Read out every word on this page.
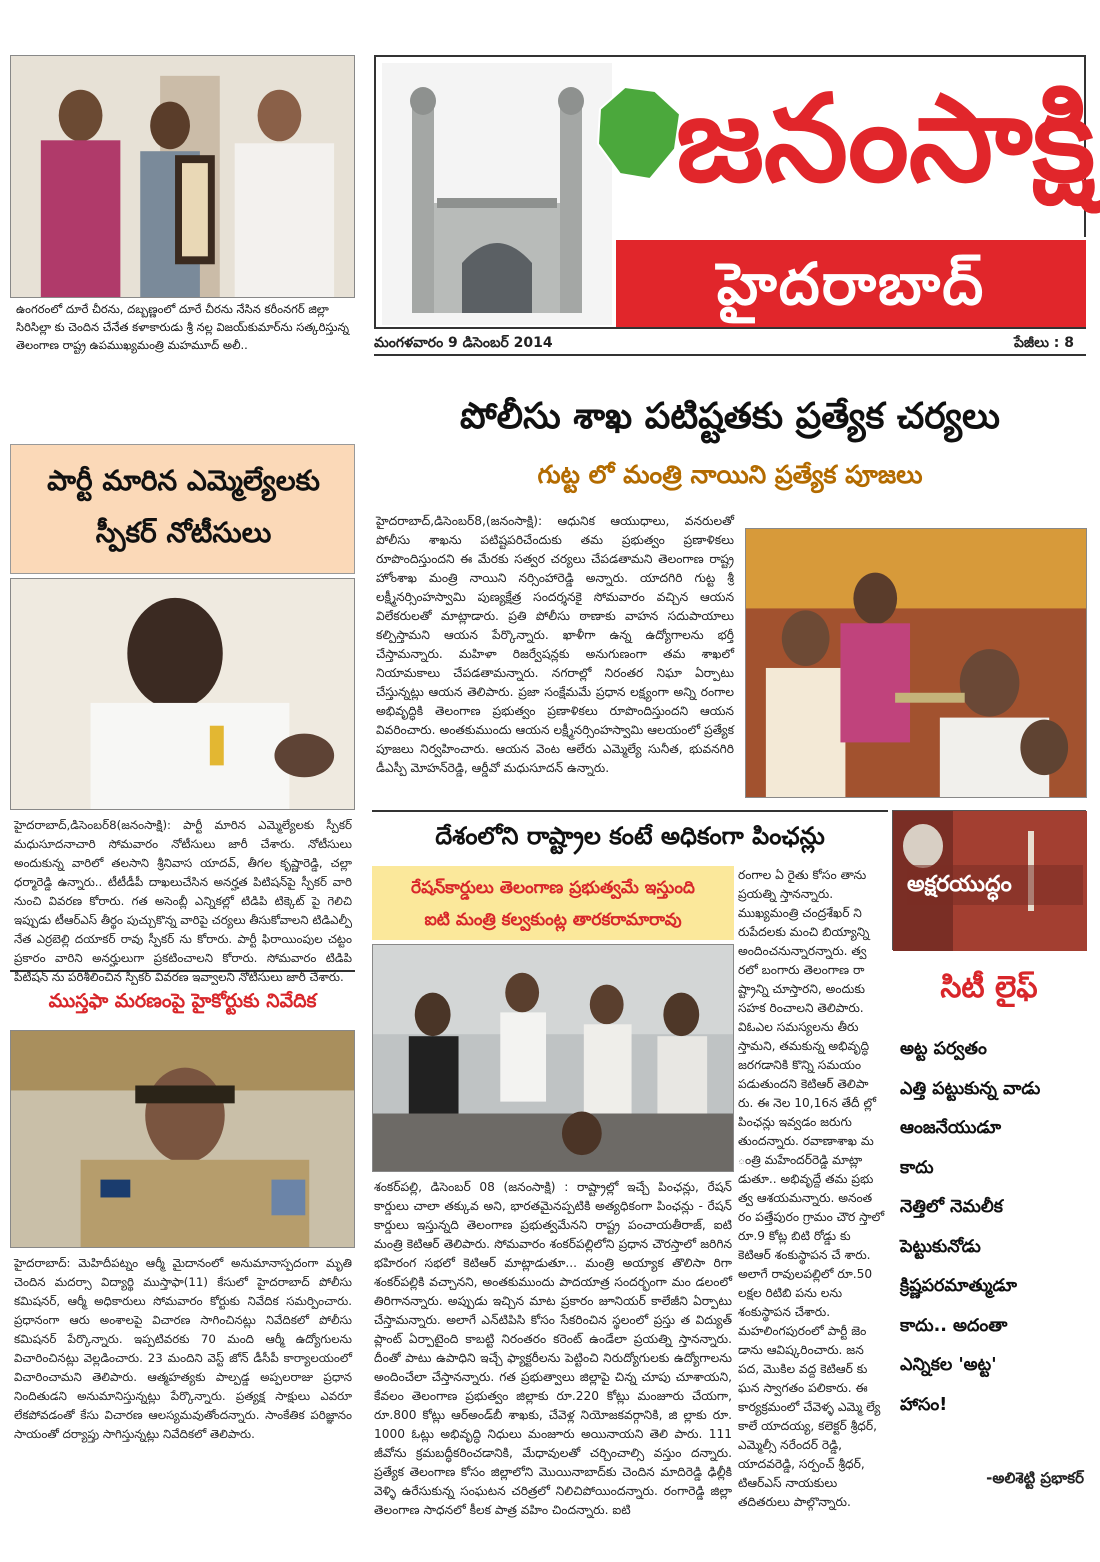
ఉంగరంలో దూరే చీరను, దబ్బణ్ణంలో దూరే చీరను నేసిన కరీంనగర్ జిల్లా సిరిసిల్లా కు చెందిన చేనేత కళాకారుడు శ్రీ నల్ల విజయ్‌కుమార్‌ను సత్కరిస్తున్న తెలంగాణ రాష్ట్ర ఉపముఖ్యమంత్రి మహమూద్ అలీ..
పార్టీ మారిన ఎమ్మెల్యేలకు స్పీకర్ నోటీసులు
హైదరాబాద్,డిసెంబర్8(జనంసాక్షి): పార్టీ మారిన ఎమ్మెల్యేలకు స్పీకర్ మధుసూదనాచారి సోమవారం నోటీసులు జారీ చేశారు. నోటీసులు అందుకున్న వారిలో తలసాని శ్రీనివాస యాదవ్, తీగల కృష్ణారెడ్డి, చల్లా ధర్మారెడ్డి ఉన్నారు.. టీటీడీపీ దాఖలుచేసిన అనర్హత పిటిషన్‌పై స్పీకర్ వారి నుంచి వివరణ కోరారు. గత అసెంబ్లీ ఎన్నికల్లో టిడిపి టిక్కెట్ పై గెలిచి ఇప్పుడు టీఆర్ఎస్ తీర్థం పుచ్చుకొన్న వారిపై చర్యలు తీసుకోవాలని టిడిఎల్పీ నేత ఎర్రబెల్లి దయాకర్ రావు స్పీకర్ ను కోరారు. పార్టీ ఫిరాయింపుల చట్టం ప్రకారం వారిని అనర్హులుగా ప్రకటించాలని కోరారు. సోమవారం టిడిపి పిటిషన్ ను పరిశీలించిన స్పీకర్ వివరణ ఇవ్వాలని నోటీసులు జారీ చేశారు.
ముస్తఫా మరణంపై హైకోర్టుకు నివేదిక
హైదరాబాద్: మెహిదీపట్నం ఆర్మీ మైదానంలో అనుమానాస్పదంగా మృతి చెందిన మదర్సా విద్యార్థి ముస్తాఫా(11) కేసులో హైదరాబాద్ పోలీసు కమిషనర్, ఆర్మీ అధికారులు సోమవారం కోర్టుకు నివేదిక సమర్పించారు. ప్రధానంగా ఆరు అంశాలపై విచారణ సాగించినట్లు నివేదికలో పోలీసు కమిషనర్ పేర్కొన్నారు. ఇప్పటివరకు 70 మంది ఆర్మీ ఉద్యోగులను విచారించినట్లు వెల్లడించారు. 23 మందిని వెస్ట్ జోన్ డీసీపీ కార్యాలయంలో విచారించామని తెలిపారు. ఆత్మహత్యకు పాల్పడ్డ అప్పలరాజు ప్రధాన నిందితుడని అనుమానిస్తున్నట్లు పేర్కొన్నారు. ప్రత్యక్ష సాక్షులు ఎవరూ లేకపోవడంతో కేసు విచారణ ఆలస్యమవుతోందన్నారు. సాంకేతిక పరిజ్ఞానం సాయంతో దర్యాప్తు సాగిస్తున్నట్లు నివేదికలో తెలిపారు.
జనంసాక్షి
హైదరాబాద్
మంగళవారం 9 డిసెంబర్ 2014	పేజీలు : 8
పోలీసు శాఖ పటిష్టతకు ప్రత్యేక చర్యలు
గుట్ట లో మంత్రి నాయిని ప్రత్యేక పూజలు
హైదరాబాద్,డిసెంబర్8,(జనంసాక్షి): ఆధునిక ఆయుధాలు, వనరులతో పోలీసు శాఖను పటిష్టపరిచేందుకు తమ ప్రభుత్వం ప్రణాళికలు రూపొందిస్తుందని ఈ మేరకు సత్వర చర్యలు చేపడతామని తెలంగాణ రాష్ట్ర హోంశాఖ మంత్రి నాయిని నర్సింహారెడ్డి అన్నారు. యాదగిరి గుట్ట శ్రీ లక్ష్మీనర్సింహస్వామి పుణ్యక్షేత్ర సందర్శనకై సోమవారం వచ్చిన ఆయన విలేకరులతో మాట్లాడారు. ప్రతి పోలీసు ఠాణాకు వాహన సదుపాయాలు కల్పిస్తామని ఆయన పేర్కొన్నారు. ఖాళీగా ఉన్న ఉద్యోగాలను భర్తీ చేస్తామన్నారు. మహిళా రిజర్వేషన్లకు అనుగుణంగా తమ శాఖలో నియామకాలు చేపడతామన్నారు. నగరాల్లో నిరంతర నిఘా ఏర్పాటు చేస్తున్నట్లు ఆయన తెలిపారు. ప్రజా సంక్షేమమే ప్రధాన లక్ష్యంగా అన్ని రంగాల అభివృద్ధికి తెలంగాణ ప్రభుత్వం ప్రణాళికలు రూపొందిస్తుందని ఆయన వివరించారు. అంతకుముందు ఆయన లక్ష్మీనర్సింహస్వామి ఆలయంలో ప్రత్యేక పూజలు నిర్వహించారు. ఆయన వెంట ఆలేరు ఎమ్మెల్యే సునీత, భువనగిరి డీఎస్పీ మోహన్‌రెడ్డి, ఆర్డీవో మధుసూదన్ ఉన్నారు.
దేశంలోని రాష్ట్రాల కంటే అధికంగా పింఛన్లు
రేషన్‌కార్డులు తెలంగాణ ప్రభుత్వమే ఇస్తుంది
ఐటి మంత్రి కల్వకుంట్ల తారకరామారావు
శంకర్‌పల్లి, డిసెంబర్ 08 (జనంసాక్షి) : రాష్ట్రాల్లో ఇచ్చే పింఛన్లు, రేషన్ కార్డులు చాలా తక్కువ అని, భారతమైనప్పటికి అత్యధికంగా పింఛన్లు - రేషన్ కార్డులు ఇస్తున్నది తెలంగాణ ప్రభుత్వమేనని రాష్ట్ర పంచాయతీరాజ్, ఐటి మంత్రి కెటిఆర్ తెలిపారు. సోమవారం శంకర్‌పల్లిలోని ప్రధాన చౌరస్తాలో జరిగిన భహిరంగ సభలో కెటిఆర్ మాట్లాడుతూ... మంత్రి అయ్యాక తొలిసా రిగా శంకర్‌పల్లికి వచ్చానని, అంతకుముందు పాదయాత్ర సందర్భంగా మం డలంలో తిరిగానన్నారు. అప్పుడు ఇచ్చిన మాట ప్రకారం జూనియర్ కాలేజీని ఏర్పాటు చేస్తామన్నారు. అలాగే ఎన్‌టిపిసి కోసం సేకరించిన స్థలంలో ప్రస్తు త విద్యుత్ ప్లాంట్ ఏర్పాటైంది కాబట్టి నిరంతరం కరెంట్ ఉండేలా ప్రయత్ని స్తానన్నారు. దీంతో పాటు ఉపాధిని ఇచ్చే ఫ్యాక్టరీలను పెట్టించి నిరుద్యోగులకు ఉద్యోగాలను అందించేలా చేస్తానన్నారు. గత ప్రభుత్వాలు జిల్లాపై చిన్న చూపు చూశాయని, కేవలం తెలంగాణ ప్రభుత్వం జిల్లాకు రూ.220 కోట్లు మంజూరు చేయగా, రూ.800 కోట్లు ఆర్‌అండ్‌బీ శాఖకు, చేవెళ్ల నియోజకవర్గానికి, జి ల్లాకు రూ. 1000 ఓట్లు అభివృద్ధి నిధులు మంజూరు అయినాయని తెలి పారు. 111 జీవోను క్రమబద్ధీకరించడానికి, మేధావులతో చర్చించాల్సి వస్తుం దన్నారు. ప్రత్యేక తెలంగాణ కోసం జిల్లాలోని మొయినాబాద్‌కు చెందిన మాదిరెడ్డి ఢిల్లీకి వెళ్ళి ఉరేసుకున్న సంఘటన చరిత్రలో నిలిచిపోయిందన్నారు. రంగారెడ్డి జిల్లా తెలంగాణ సాధనలో కీలక పాత్ర వహిం చిందన్నారు. ఐటి
రంగాల ఏ రైతు కోసం తాను ప్రయత్ని స్తానన్నారు. ముఖ్యమంత్రి చంద్రశేఖర్ ని రుపేదలకు మంచి బియ్యాన్ని అందించనున్నారన్నారు. త్వ రలో బంగారు తెలంగాణ రా ష్ట్రాన్ని చూస్తారని, అందుకు సహక రించాలని తెలిపారు. విఓఎల సమస్యలను తీరు స్తామని, తమకున్న అభివృద్ధి జరగడానికి కొన్ని సమయం పడుతుందని కెటిఆర్ తెలిపా రు. ఈ నెల 10,16న తేదీ ల్లో పింఛన్లు ఇవ్వడం జరుగు తుందన్నారు. రవాణాశాఖ మ ంత్రి మహేందర్‌రెడ్డి మాట్లా డుతూ.. అభివృద్దే తమ ప్రభు త్వ ఆశయమన్నారు. అనంత రం పత్తేపురం గ్రామం చౌర స్తాలో రూ.9 కోట్ల బిటి రోడ్డు కు కెటిఆర్ శంకుస్థాపన చే శారు. అలాగే రావులపల్లిలో రూ.50 లక్షల రిటిబి పను లను శంకుస్థాపన చేశారు. మహలింగపురంలో పార్టీ జెం డాను ఆవిష్కరించారు. జన పద, మొకిల వద్ద కెటిఆర్ కు ఘన స్వాగతం పలికారు. ఈ కార్యక్రమంలో చేవెళ్ళ ఎమ్మె ల్యే కాలే యాదయ్య, కలెక్టర్ శ్రీధర్, ఎమ్మెల్సీ నరేందర్ రెడ్డి, యాదవరెడ్డి, సర్పంచ్ శ్రీధర్, టిఆర్ఎస్ నాయకులు తదితరులు పాల్గొన్నారు.
అక్షరయుద్ధం
సిటీ లైఫ్
అట్ట పర్వతం
ఎత్తి పట్టుకున్న వాడు
ఆంజనేయుడూ
కాదు
నెత్తిలో నెమలీక
పెట్టుకునోడు
క్రిష్ణపరమాత్ముడూ
కాదు.. అదంతా
ఎన్నికల 'అట్ట'
హాసం!
-అలిశెట్టి ప్రభాకర్
